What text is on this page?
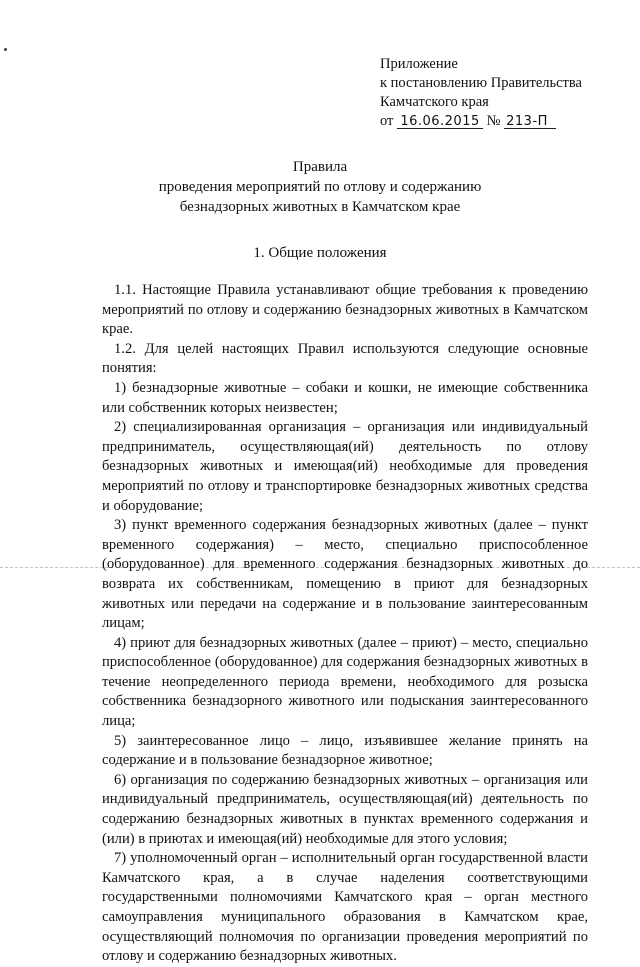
Приложение
к постановлению Правительства
Камчатского края
от 16.06.2015 № 213-П
Правила
проведения мероприятий по отлову и содержанию
безнадзорных животных в Камчатском крае
1. Общие положения

1.1. Настоящие Правила устанавливают общие требования к проведению мероприятий по отлову и содержанию безнадзорных животных в Камчатском крае.

1.2. Для целей настоящих Правил используются следующие основные понятия:

1) безнадзорные животные – собаки и кошки, не имеющие собственника или собственник которых неизвестен;

2) специализированная организация – организация или индивидуальный предприниматель, осуществляющая(ий) деятельность по отлову безнадзорных животных и имеющая(ий) необходимые для проведения мероприятий по отлову и транспортировке безнадзорных животных средства и оборудование;

3) пункт временного содержания безнадзорных животных (далее – пункт временного содержания) – место, специально приспособленное (оборудованное) для временного содержания безнадзорных животных до возврата их собственникам, помещению в приют для безнадзорных животных или передачи на содержание и в пользование заинтересованным лицам;

4) приют для безнадзорных животных (далее – приют) – место, специально приспособленное (оборудованное) для содержания безнадзорных животных в течение неопределенного периода времени, необходимого для розыска собственника безнадзорного животного или подыскания заинтересованного лица;

5) заинтересованное лицо – лицо, изъявившее желание принять на содержание и в пользование безнадзорное животное;

6) организация по содержанию безнадзорных животных – организация или индивидуальный предприниматель, осуществляющая(ий) деятельность по содержанию безнадзорных животных в пунктах временного содержания и (или) в приютах и имеющая(ий) необходимые для этого условия;

7) уполномоченный орган – исполнительный орган государственной власти Камчатского края, а в случае наделения соответствующими государственными полномочиями Камчатского края – орган местного самоуправления муниципального образования в Камчатском крае, осуществляющий полномочия по организации проведения мероприятий по отлову и содержанию безнадзорных животных.
